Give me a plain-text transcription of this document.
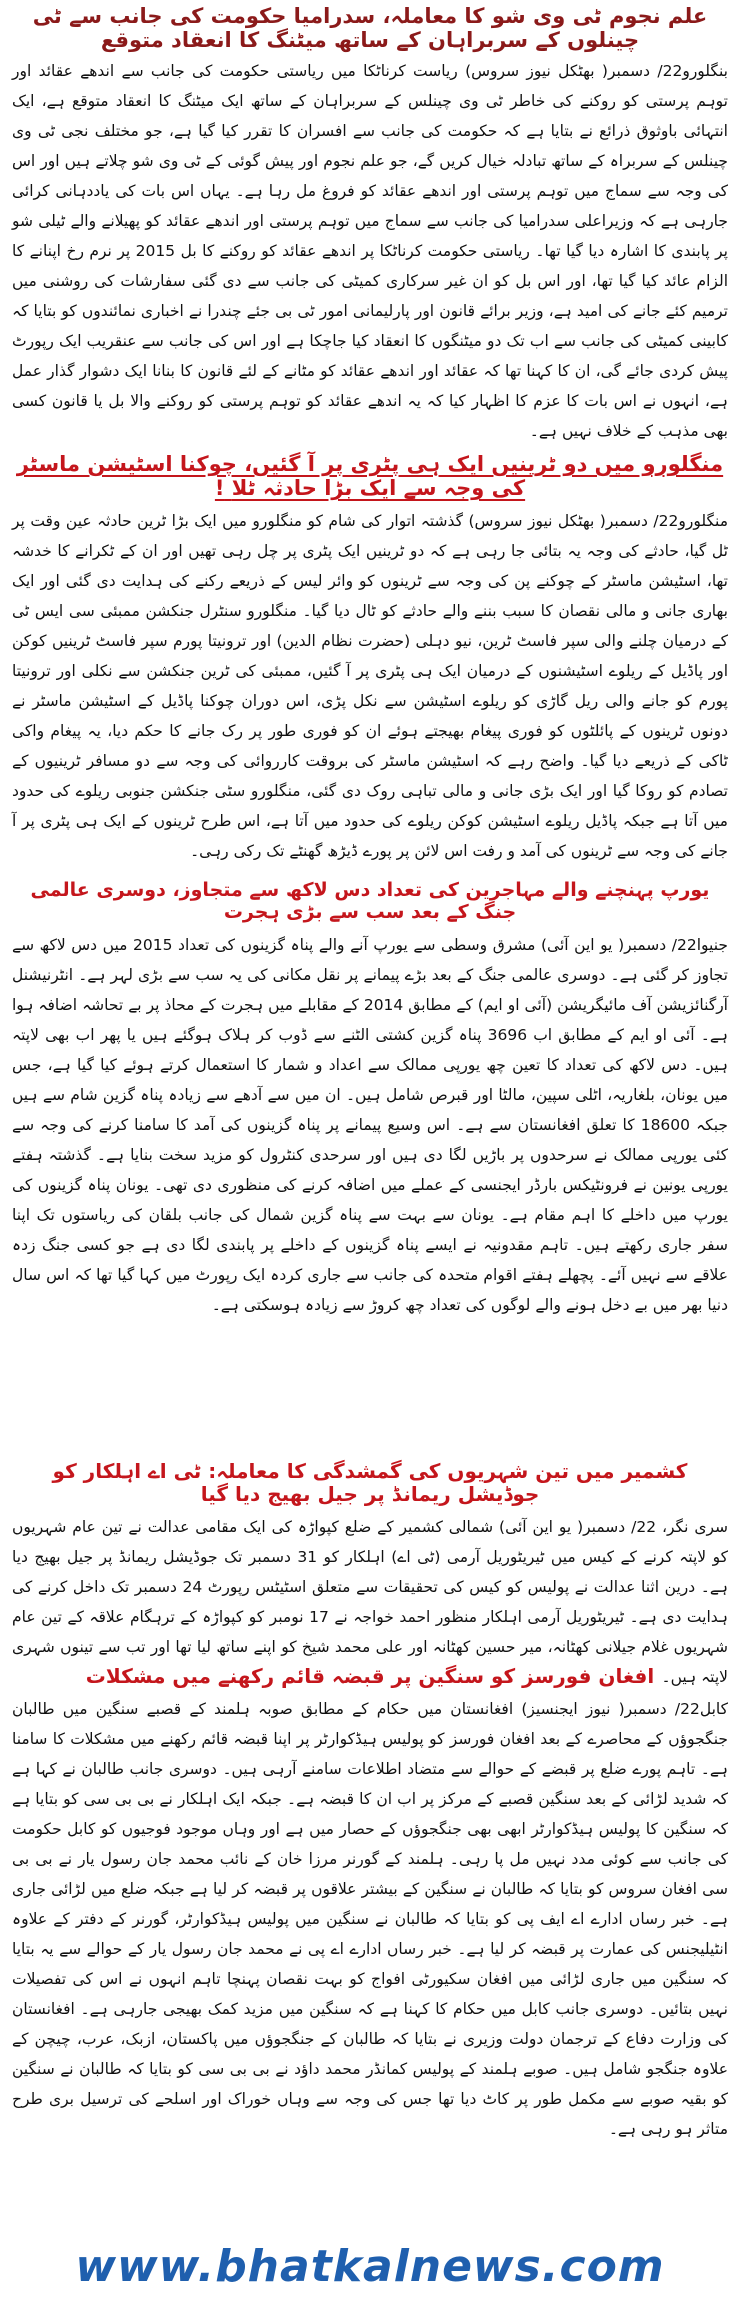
علم نجوم ٹی وی شو کا معاملہ، سدرامیا حکومت کی جانب سے ٹی چینلوں کے سربراہان کے ساتھ میٹنگ کا انعقاد متوقع

بنگلورو22/ دسمبر( بھٹکل نیوز سروس) ریاست کرناٹکا میں ریاستی حکومت کی جانب سے اندھے عقائد اور توہم پرستی کو روکنے کی خاطر ٹی وی چینلس کے سربراہان کے ساتھ ایک میٹنگ کا انعقاد متوقع ہے، ایک انتہائی باوثوق ذرائع نے بتایا ہے کہ حکومت کی جانب سے افسران کا تقرر کیا گیا ہے، جو مختلف نجی ٹی وی چینلس کے سربراہ کے ساتھ تبادلہ خیال کریں گے، جو علم نجوم اور پیش گوئی کے ٹی وی شو چلاتے ہیں اور اس کی وجہ سے سماج میں توہم پرستی اور اندھے عقائد کو فروغ مل رہا ہے۔ یہاں اس بات کی یاددہانی کرائی جارہی ہے کہ وزیراعلی سدرامیا کی جانب سے سماج میں توہم پرستی اور اندھے عقائد کو پھیلانے والے ٹیلی شو پر پابندی کا اشارہ دیا گیا تھا۔ ریاستی حکومت کرناٹکا پر اندھے عقائد کو روکنے کا بل 2015 پر نرم رخ اپنانے کا الزام عائد کیا گیا تھا، اور اس بل کو ان غیر سرکاری کمیٹی کی جانب سے دی گئی سفارشات کی روشنی میں ترمیم کئے جانے کی امید ہے، وزیر برائے قانون اور پارلیمانی امور ٹی بی جئے چندرا نے اخباری نمائندوں کو بتایا کہ کابینی کمیٹی کی جانب سے اب تک دو میٹنگوں کا انعقاد کیا جاچکا ہے اور اس کی جانب سے عنقریب ایک رپورٹ پیش کردی جائے گی، ان کا کہنا تھا کہ عقائد اور اندھے عقائد کو مٹانے کے لئے قانون کا بنانا ایک دشوار گذار عمل ہے، انہوں نے اس بات کا عزم کا اظہار کیا کہ یہ اندھے عقائد کو توہم پرستی کو روکنے والا بل یا قانون کسی بھی مذہب کے خلاف نہیں ہے۔

منگلورو میں دو ٹرینیں ایک ہی پٹری پر آ گئیں، چوکنا اسٹیشن ماسٹر کی وجہ سے ایک بڑا حادثہ ٹلا !

منگلورو22/ دسمبر( بھٹکل نیوز سروس) گذشتہ اتوار کی شام کو منگلورو میں ایک بڑا ٹرین حادثہ عین وقت پر ٹل گیا، حادثے کی وجہ یہ بتائی جا رہی ہے کہ دو ٹرینیں ایک پٹری پر چل رہی تھیں اور ان کے ٹکرانے کا خدشہ تھا، اسٹیشن ماسٹر کے چوکنے پن کی وجہ سے ٹرینوں کو وائر لیس کے ذریعے رکنے کی ہدایت دی گئی اور ایک بھاری جانی و مالی نقصان کا سبب بننے والے حادثے کو ٹال دیا گیا۔ منگلورو سنٹرل جنکشن ممبئی سی ایس ٹی کے درمیان چلنے والی سپر فاسٹ ٹرین، نیو دہلی (حضرت نظام الدین) اور ترونیتا پورم سپر فاسٹ ٹرینیں کوکن اور پاڈیل کے ریلوے اسٹیشنوں کے درمیان ایک ہی پٹری پر آ گئیں، ممبئی کی ٹرین جنکشن سے نکلی اور ترونیتا پورم کو جانے والی ریل گاڑی کو ریلوے اسٹیشن سے نکل پڑی، اس دوران چوکنا پاڈیل کے اسٹیشن ماسٹر نے دونوں ٹرینوں کے پائلٹوں کو فوری پیغام بھیجتے ہوئے ان کو فوری طور پر رک جانے کا حکم دیا، یہ پیغام واکی ٹاکی کے ذریعے دیا گیا۔ واضح رہے کہ اسٹیشن ماسٹر کی بروقت کارروائی کی وجہ سے دو مسافر ٹرینیوں کے تصادم کو روکا گیا اور ایک بڑی جانی و مالی تباہی روک دی گئی، منگلورو سٹی جنکشن جنوبی ریلوے کی حدود میں آتا ہے جبکہ پاڈیل ریلوے اسٹیشن کوکن ریلوے کی حدود میں آتا ہے، اس طرح ٹرینوں کے ایک ہی پٹری پر آ جانے کی وجہ سے ٹرینوں کی آمد و رفت اس لائن پر پورے ڈیڑھ گھنٹے تک رکی رہی۔

یورپ پہنچنے والے مہاجرین کی تعداد دس لاکھ سے متجاوز، دوسری عالمی جنگ کے بعد سب سے بڑی ہجرت

جنیوا22/ دسمبر( یو این آئی) مشرق وسطی سے یورپ آنے والے پناہ گزینوں کی تعداد 2015 میں دس لاکھ سے تجاوز کر گئی ہے۔ دوسری عالمی جنگ کے بعد بڑے پیمانے پر نقل مکانی کی یہ سب سے بڑی لہر ہے۔ انٹرنیشنل آرگنائزیشن آف مائیگریشن (آئی او ایم) کے مطابق 2014 کے مقابلے میں ہجرت کے محاذ پر بے تحاشہ اضافہ ہوا ہے۔ آئی او ایم کے مطابق اب 3696 پناہ گزین کشتی الٹنے سے ڈوب کر ہلاک ہوگئے ہیں یا پھر اب بھی لاپتہ ہیں۔ دس لاکھ کی تعداد کا تعین چھ یورپی ممالک سے اعداد و شمار کا استعمال کرتے ہوئے کیا گیا ہے، جس میں یونان، بلغاریہ، اٹلی سپین، مالٹا اور قبرص شامل ہیں۔ ان میں سے آدھے سے زیادہ پناہ گزین شام سے ہیں جبکہ 18600 کا تعلق افغانستان سے ہے۔ اس وسیع پیمانے پر پناہ گزینوں کی آمد کا سامنا کرنے کی وجہ سے کئی یورپی ممالک نے سرحدوں پر باڑیں لگا دی ہیں اور سرحدی کنٹرول کو مزید سخت بنایا ہے۔ گذشتہ ہفتے یورپی یونین نے فرونٹیکس بارڈر ایجنسی کے عملے میں اضافہ کرنے کی منظوری دی تھی۔ یونان پناہ گزینوں کی یورپ میں داخلے کا اہم مقام ہے۔ یونان سے بہت سے پناہ گزین شمال کی جانب بلقان کی ریاستوں تک اپنا سفر جاری رکھتے ہیں۔ تاہم مقدونیہ نے ایسے پناہ گزینوں کے داخلے پر پابندی لگا دی ہے جو کسی جنگ زدہ علاقے سے نہیں آئے۔ پچھلے ہفتے اقوام متحدہ کی جانب سے جاری کردہ ایک رپورٹ میں کہا گیا تھا کہ اس سال دنیا بھر میں بے دخل ہونے والے لوگوں کی تعداد چھ کروڑ سے زیادہ ہوسکتی ہے۔

کشمیر میں تین شہریوں کی گمشدگی کا معاملہ: ٹی اے اہلکار کو جوڈیشل ریمانڈ پر جیل بھیج دیا گیا

سری نگر، 22/ دسمبر( یو این آئی) شمالی کشمیر کے ضلع کپواڑہ کی ایک مقامی عدالت نے تین عام شہریوں کو لاپتہ کرنے کے کیس میں ٹیریٹوریل آرمی (ٹی اے) اہلکار کو 31 دسمبر تک جوڈیشل ریمانڈ پر جیل بھیج دیا ہے۔ درین اثنا عدالت نے پولیس کو کیس کی تحقیقات سے متعلق اسٹیٹس رپورٹ 24 دسمبر تک داخل کرنے کی ہدایت دی ہے۔ ٹیریٹوریل آرمی اہلکار منظور احمد خواجہ نے 17 نومبر کو کپواڑہ کے ترہگام علاقہ کے تین عام شہریوں غلام جیلانی کھٹانہ، میر حسین کھٹانہ اور علی محمد شیخ کو اپنے ساتھ لیا تھا اور تب سے تینوں شہری لاپتہ ہیں۔

افغان فورسز کو سنگین پر قبضہ قائم رکھنے میں مشکلات

کابل22/ دسمبر( نیوز ایجنسیز) افغانستان میں حکام کے مطابق صوبہ ہلمند کے قصبے سنگین میں طالبان جنگجوؤں کے محاصرے کے بعد افغان فورسز کو پولیس ہیڈکوارٹر پر اپنا قبضہ قائم رکھنے میں مشکلات کا سامنا ہے۔ تاہم پورے ضلع پر قبضے کے حوالے سے متضاد اطلاعات سامنے آرہی ہیں۔ دوسری جانب طالبان نے کہا ہے کہ شدید لڑائی کے بعد سنگین قصبے کے مرکز پر اب ان کا قبضہ ہے۔ جبکہ ایک اہلکار نے بی بی سی کو بتایا ہے کہ سنگین کا پولیس ہیڈکوارٹر ابھی بھی جنگجوؤں کے حصار میں ہے اور وہاں موجود فوجیوں کو کابل حکومت کی جانب سے کوئی مدد نہیں مل پا رہی۔ ہلمند کے گورنر مرزا خان کے نائب محمد جان رسول یار نے بی بی سی افغان سروس کو بتایا کہ طالبان نے سنگین کے بیشتر علاقوں پر قبضہ کر لیا ہے جبکہ ضلع میں لڑائی جاری ہے۔ خبر رساں ادارے اے ایف پی کو بتایا کہ طالبان نے سنگین میں پولیس ہیڈکوارٹر، گورنر کے دفتر کے علاوہ انٹیلیجنس کی عمارت پر قبضہ کر لیا ہے۔ خبر رساں ادارے اے پی نے محمد جان رسول یار کے حوالے سے یہ بتایا کہ سنگین میں جاری لڑائی میں افغان سکیورٹی افواج کو بہت نقصان پہنچا تاہم انہوں نے اس کی تفصیلات نہیں بتائیں۔ دوسری جانب کابل میں حکام کا کہنا ہے کہ سنگین میں مزید کمک بھیجی جارہی ہے۔ افغانستان کی وزارت دفاع کے ترجمان دولت وزیری نے بتایا کہ طالبان کے جنگجوؤں میں پاکستان، ازبک، عرب، چیچن کے علاوہ جنگجو شامل ہیں۔ صوبے ہلمند کے پولیس کمانڈر محمد داؤد نے بی بی سی کو بتایا کہ طالبان نے سنگین کو بقیہ صوبے سے مکمل طور پر کاٹ دیا تھا جس کی وجہ سے وہاں خوراک اور اسلحے کی ترسیل بری طرح متاثر ہو رہی ہے۔

www.bhatkalnews.com
